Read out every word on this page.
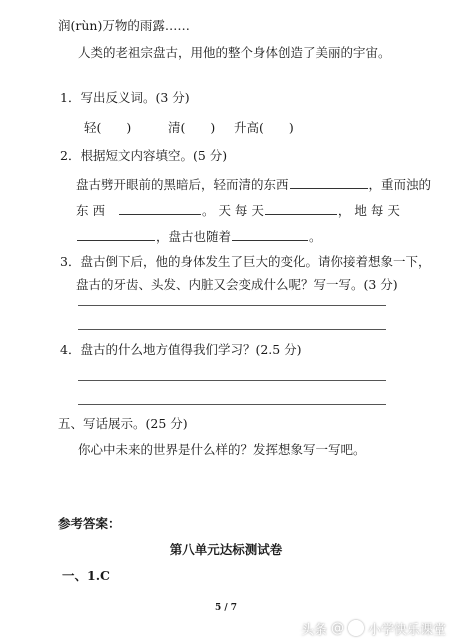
润(rùn)万物的雨露……
人类的老祖宗盘古，用他的整个身体创造了美丽的宇宙。
1．写出反义词。(3 分)
轻(　　)	清(　　) 升高(　　)
2．根据短文内容填空。(5 分)
盘古劈开眼前的黑暗后，轻而清的东西	，重而浊的
东 西	。 天 每 天	， 地 每 天
，盘古也随着	。
3．盘古倒下后，他的身体发生了巨大的变化。请你接着想象一下，
盘古的牙齿、头发、内脏又会变成什么呢？写一写。(3 分)
4．盘古的什么地方值得我们学习？(2.5 分)
五、写话展示。(25 分)
你心中未来的世界是什么样的？发挥想象写一写吧。
参考答案：
第八单元达标测试卷
一、1.C
5 / 7
头条 @ 小学快乐课堂
